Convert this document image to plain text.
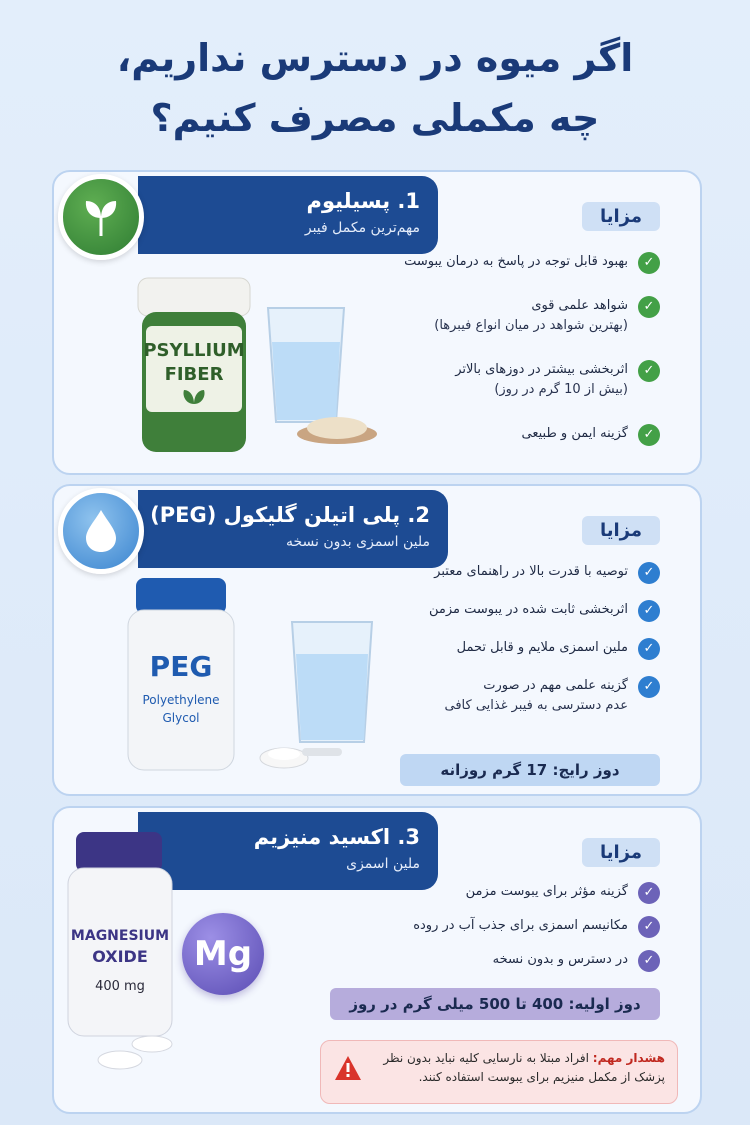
اگر میوه در دسترس نداریم،
چه مکملی مصرف کنیم؟
1. پسیلیوم
مهم‌ترین مکمل فیبر
PSYLLIUM
FIBER
مزایا
✓
بهبود قابل توجه در پاسخ به درمان یبوست
✓
شواهد علمی قوی
(بهترین شواهد در میان انواع فیبرها)
✓
اثربخشی بیشتر در دوزهای بالاتر
(بیش از 10 گرم در روز)
✓
گزینه ایمن و طبیعی
2. پلی اتیلن گلیکول (PEG)
ملین اسمزی بدون نسخه
PEG
Polyethylene
Glycol
مزایا
✓
توصیه با قدرت بالا در راهنمای معتبر
✓
اثربخشی ثابت شده در یبوست مزمن
✓
ملین اسمزی ملایم و قابل تحمل
✓
گزینه علمی مهم در صورت
عدم دسترسی به فیبر غذایی کافی
دوز رایج: 17 گرم روزانه
3. اکسید منیزیم
ملین اسمزی
MAGNESIUM
OXIDE
400 mg
Mg
مزایا
✓
گزینه مؤثر برای یبوست مزمن
✓
مکانیسم اسمزی برای جذب آب در روده
✓
در دسترس و بدون نسخه
دوز اولیه: 400 تا 500 میلی گرم در روز
هشدار مهم: افراد مبتلا به نارسایی کلیه نباید بدون نظر پزشک از مکمل منیزیم برای یبوست استفاده کنند.
